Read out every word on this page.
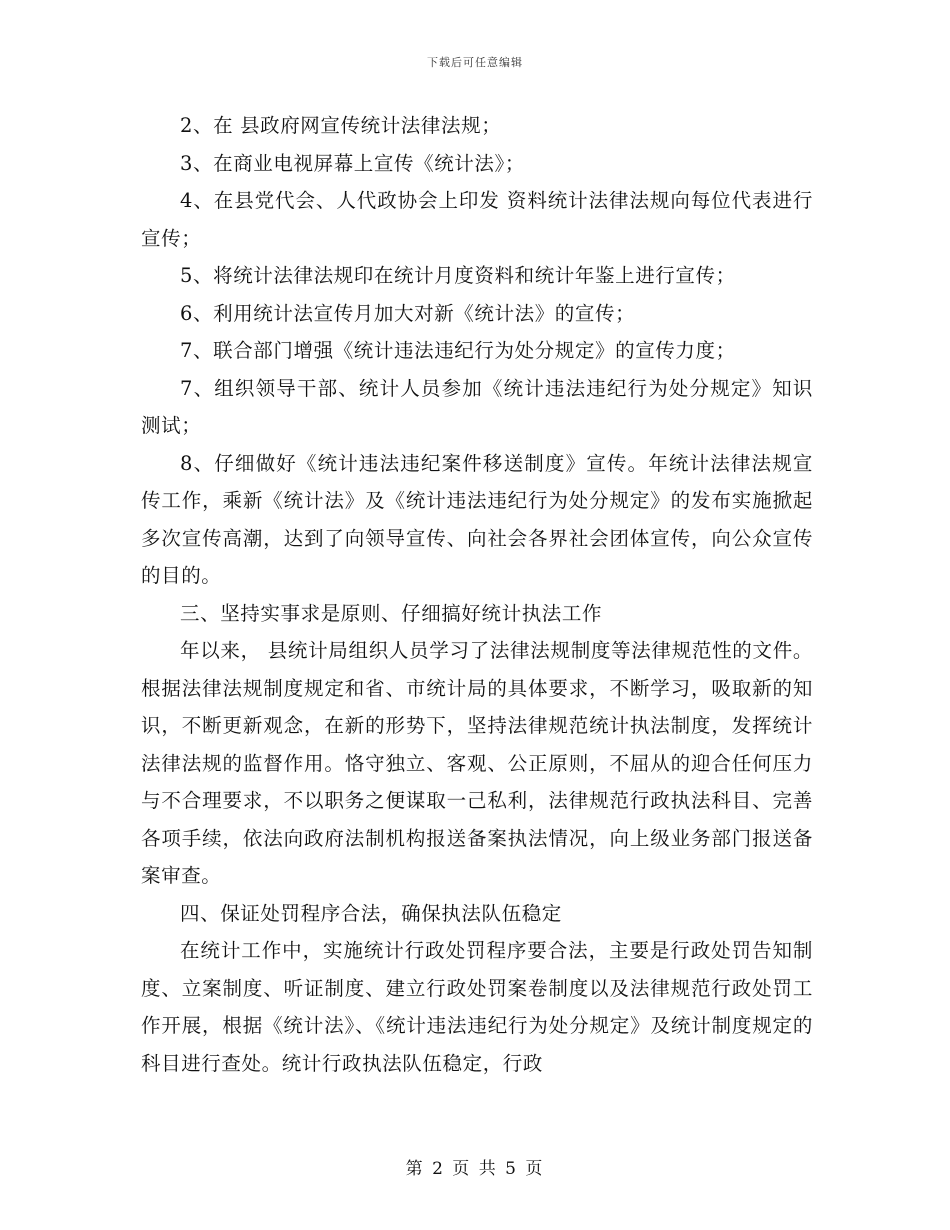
下载后可任意编辑

2、在 县政府网宣传统计法律法规；

3、在商业电视屏幕上宣传《统计法》；

4、在县党代会、人代政协会上印发 资料统计法律法规向每位代表进行宣传；

5、将统计法律法规印在统计月度资料和统计年鉴上进行宣传；

6、利用统计法宣传月加大对新《统计法》的宣传；

7、联合部门增强《统计违法违纪行为处分规定》的宣传力度；

7、组织领导干部、统计人员参加《统计违法违纪行为处分规定》知识测试；

8、仔细做好《统计违法违纪案件移送制度》宣传。年统计法律法规宣传工作，乘新《统计法》及《统计违法违纪行为处分规定》的发布实施掀起多次宣传高潮，达到了向领导宣传、向社会各界社会团体宣传，向公众宣传的目的。

三、坚持实事求是原则、仔细搞好统计执法工作

年以来， 县统计局组织人员学习了法律法规制度等法律规范性的文件。根据法律法规制度规定和省、市统计局的具体要求，不断学习，吸取新的知识，不断更新观念，在新的形势下，坚持法律规范统计执法制度，发挥统计法律法规的监督作用。恪守独立、客观、公正原则，不屈从的迎合任何压力与不合理要求，不以职务之便谋取一己私利，法律规范行政执法科目、完善各项手续，依法向政府法制机构报送备案执法情况，向上级业务部门报送备案审查。

四、保证处罚程序合法，确保执法队伍稳定

在统计工作中，实施统计行政处罚程序要合法，主要是行政处罚告知制度、立案制度、听证制度、建立行政处罚案卷制度以及法律规范行政处罚工作开展，根据《统计法》、《统计违法违纪行为处分规定》及统计制度规定的科目进行查处。统计行政执法队伍稳定，行政

第 2 页 共 5 页
